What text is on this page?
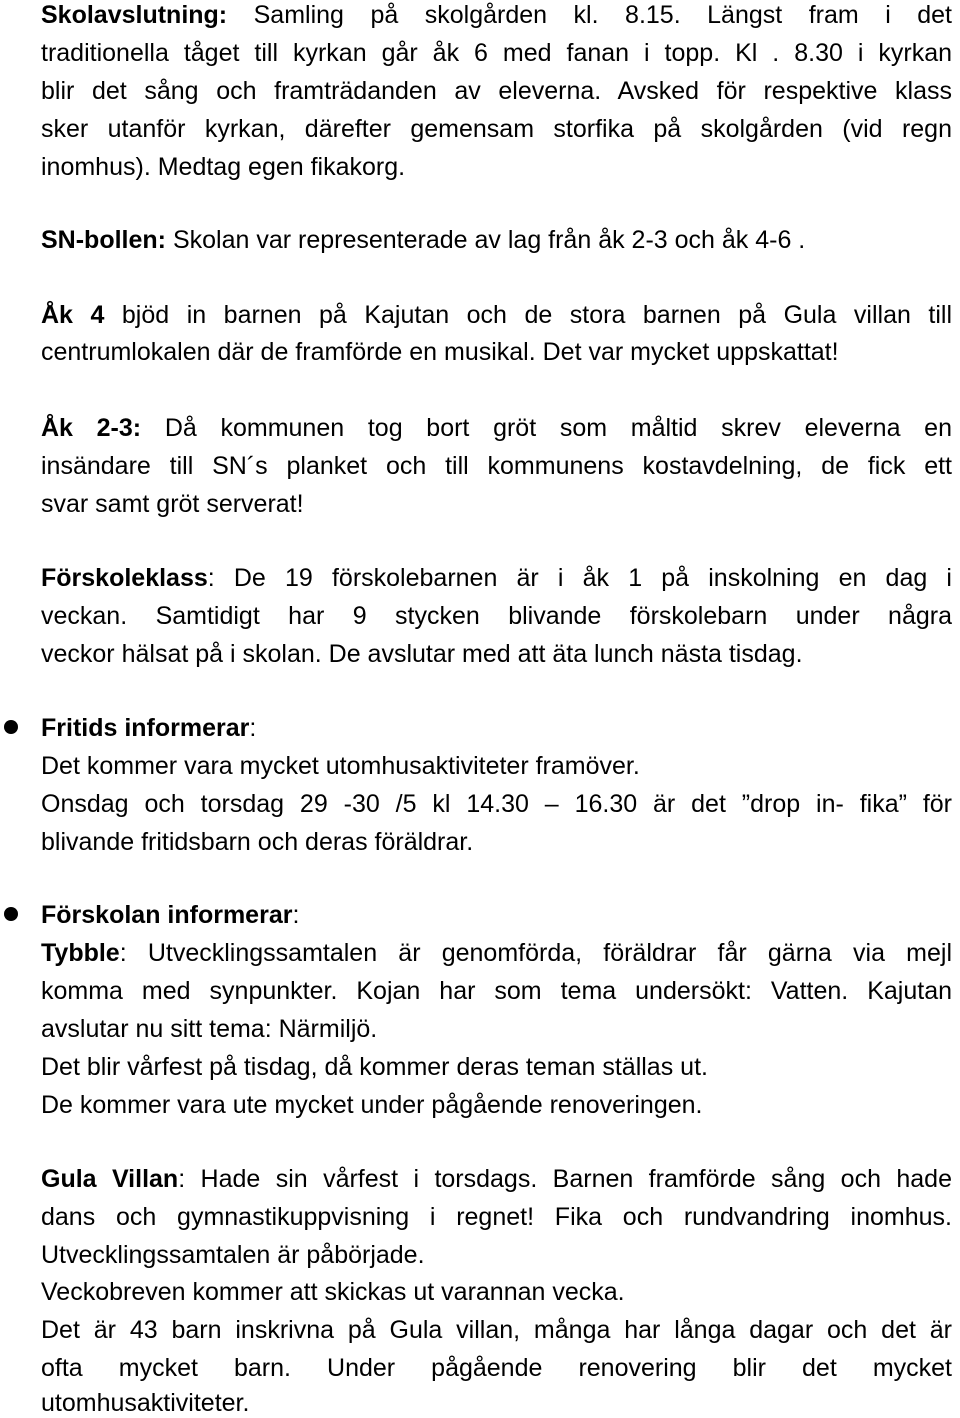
Skolavslutning: Samling på skolgården kl. 8.15. Längst fram i det
traditionella tåget till kyrkan går åk 6 med fanan i topp. Kl . 8.30 i kyrkan
blir det sång och framträdanden av eleverna. Avsked för respektive klass
sker utanför kyrkan, därefter gemensam storfika på skolgården (vid regn
inomhus). Medtag egen fikakorg.
SN-bollen: Skolan var representerade av lag från åk 2-3 och åk 4-6 .
Åk 4 bjöd in barnen på Kajutan och de stora barnen på Gula villan till
centrumlokalen där de framförde en musikal. Det var mycket uppskattat!
Åk 2-3: Då kommunen tog bort gröt som måltid skrev eleverna en
insändare till SN´s planket och till kommunens kostavdelning, de fick ett
svar samt gröt serverat!
Förskoleklass: De 19 förskolebarnen är i åk 1 på inskolning en dag i
veckan. Samtidigt har 9 stycken blivande förskolebarn under några
veckor hälsat på i skolan. De avslutar med att äta lunch nästa tisdag.
Fritids informerar:
Det kommer vara mycket utomhusaktiviteter framöver.
Onsdag och torsdag 29 -30 /5 kl 14.30 – 16.30 är det ”drop in- fika” för
blivande fritidsbarn och deras föräldrar.
Förskolan informerar:
Tybble: Utvecklingssamtalen är genomförda, föräldrar får gärna via mejl
komma med synpunkter. Kojan har som tema undersökt: Vatten. Kajutan
avslutar nu sitt tema: Närmiljö.
Det blir vårfest på tisdag, då kommer deras teman ställas ut.
De kommer vara ute mycket under pågående renoveringen.
Gula Villan: Hade sin vårfest i torsdags. Barnen framförde sång och hade
dans och gymnastikuppvisning i regnet! Fika och rundvandring inomhus.
Utvecklingssamtalen är påbörjade.
Veckobreven kommer att skickas ut varannan vecka.
Det är 43 barn inskrivna på Gula villan, många har långa dagar och det är
ofta mycket barn. Under pågående renovering blir det mycket
utomhusaktiviteter.
